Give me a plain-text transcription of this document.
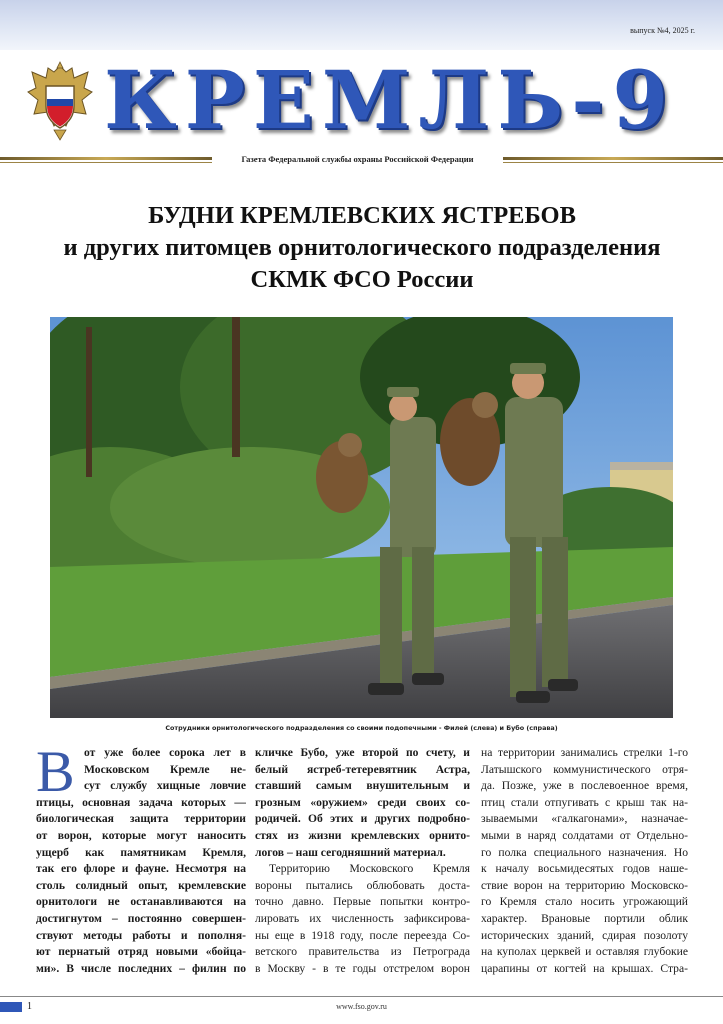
выпуск №4, 2025 г.
КРЕМЛЬ-9
Газета Федеральной службы охраны Российской Федерации
БУДНИ КРЕМЛЕВСКИХ ЯСТРЕБОВ
и других питомцев орнитологического подразделения
СКМК ФСО России
Сотрудники орнитологического подразделения со своими подопечными - Филей (слева) и Бубо (справа)
В от уже более сорока лет в
Московском Кремле не-
сут службу хищные ловчие
птицы, основная задача которых —
биологическая защита территории
от ворон, которые могут наносить
ущерб как памятникам Кремля,
так его флоре и фауне. Несмотря на
столь солидный опыт, кремлевские
орнитологи не останавливаются на
достигнутом – постоянно совершен-
ствуют методы работы и пополня-
ют пернатый отряд новыми «бойца-
ми». В числе последних – филин по
кличке Бубо, уже второй по счету, и
белый ястреб-тетеревятник Астра,
ставший самым внушительным и
грозным «оружием» среди своих со-
родичей. Об этих и других подробно-
стях из жизни кремлевских орнито-
логов – наш сегодняшний материал.
Территорию Московского Кремля
вороны пытались облюбовать доста-
точно давно. Первые попытки контро-
лировать их численность зафиксирова-
ны еще в 1918 году, после переезда Со-
ветского правительства из Петрограда
в Москву - в те годы отстрелом ворон
на территории занимались стрелки 1-го
Латышского коммунистического отря-
да. Позже, уже в послевоенное время,
птиц стали отпугивать с крыш так на-
зываемыми «галкагонами», назначае-
мыми в наряд солдатами от Отдельно-
го полка специального назначения. Но
к началу восьмидесятых годов наше-
ствие ворон на территорию Московско-
го Кремля стало носить угрожающий
характер. Врановые портили облик
исторических зданий, сдирая позолоту
на куполах церквей и оставляя глубокие
царапины от когтей на крышах. Стра-
1	www.fso.gov.ru
